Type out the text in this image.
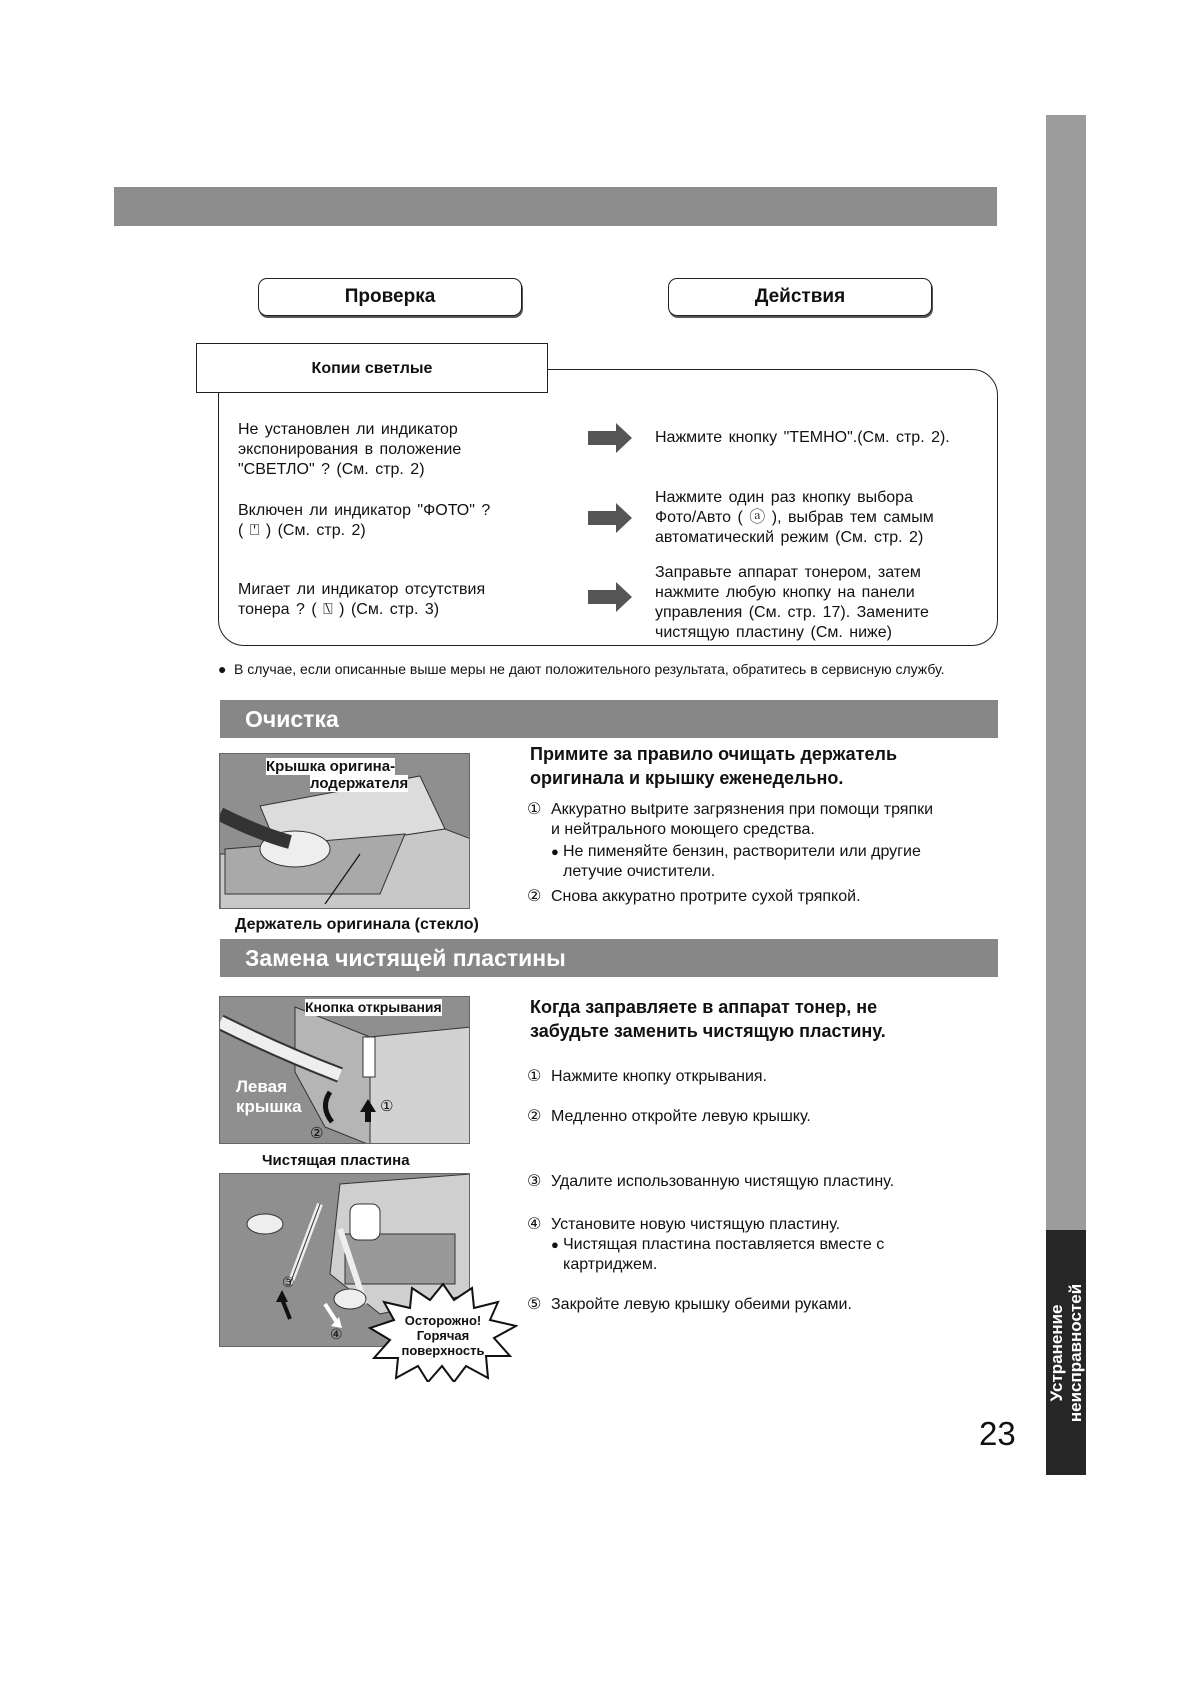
Устранение неисправностей
Проверка	Действия
Копии светлые
Не установлен ли индикатор
экспонирования в положение
"СВЕТЛО" ? (См. стр. 2)
Нажмите кнопку "ТЕМНО".(См. стр. 2).
Включен ли индикатор "ФОТО" ?
( ⍞ ) (См. стр. 2)
Нажмите один раз кнопку выбора
Фото/Авто ( ⓐ ), выбрав тем самым
автоматический режим (См. стр. 2)
Мигает ли индикатор отсутствия
тонера ? ( ⍂ ) (См. стр. 3)
Заправьте аппарат тонером, затем
нажмите любую кнопку на панели
управления (См. стр. 17). Замените
чистящую пластину (См. ниже)
● В случае, если описанные выше меры не дают положительного результата, обратитесь в сервисную службу.
Очистка
Крышка оригина-
лодержателя
Держатель оригинала (стекло)
Примите за правило очищать держатель
оригинала и крышку еженедельно.
① Аккуратно выtрите загрязнения при помощи тряпки
и нейтрального моющего средства.
● Не пименяйте бензин, растворители или другие
летучие очистители.
② Снова аккуратно протрите сухой тряпкой.
Замена чистящей пластины
Кнопка открывания
Левая
крышка	①
②
Чистящая пластина
③
④
Осторожно!
Горячая
поверхность
Когда заправляете в аппарат тонер, не
забудьте заменить чистящую пластину.
① Нажмите кнопку открывания.
② Медленно откройте левую крышку.
③ Удалите использованную чистящую пластину.
④ Установите новую чистящую пластину.
● Чистящая пластина поставляется вместе с
картриджем.
⑤ Закройте левую крышку обеими руками.
23
